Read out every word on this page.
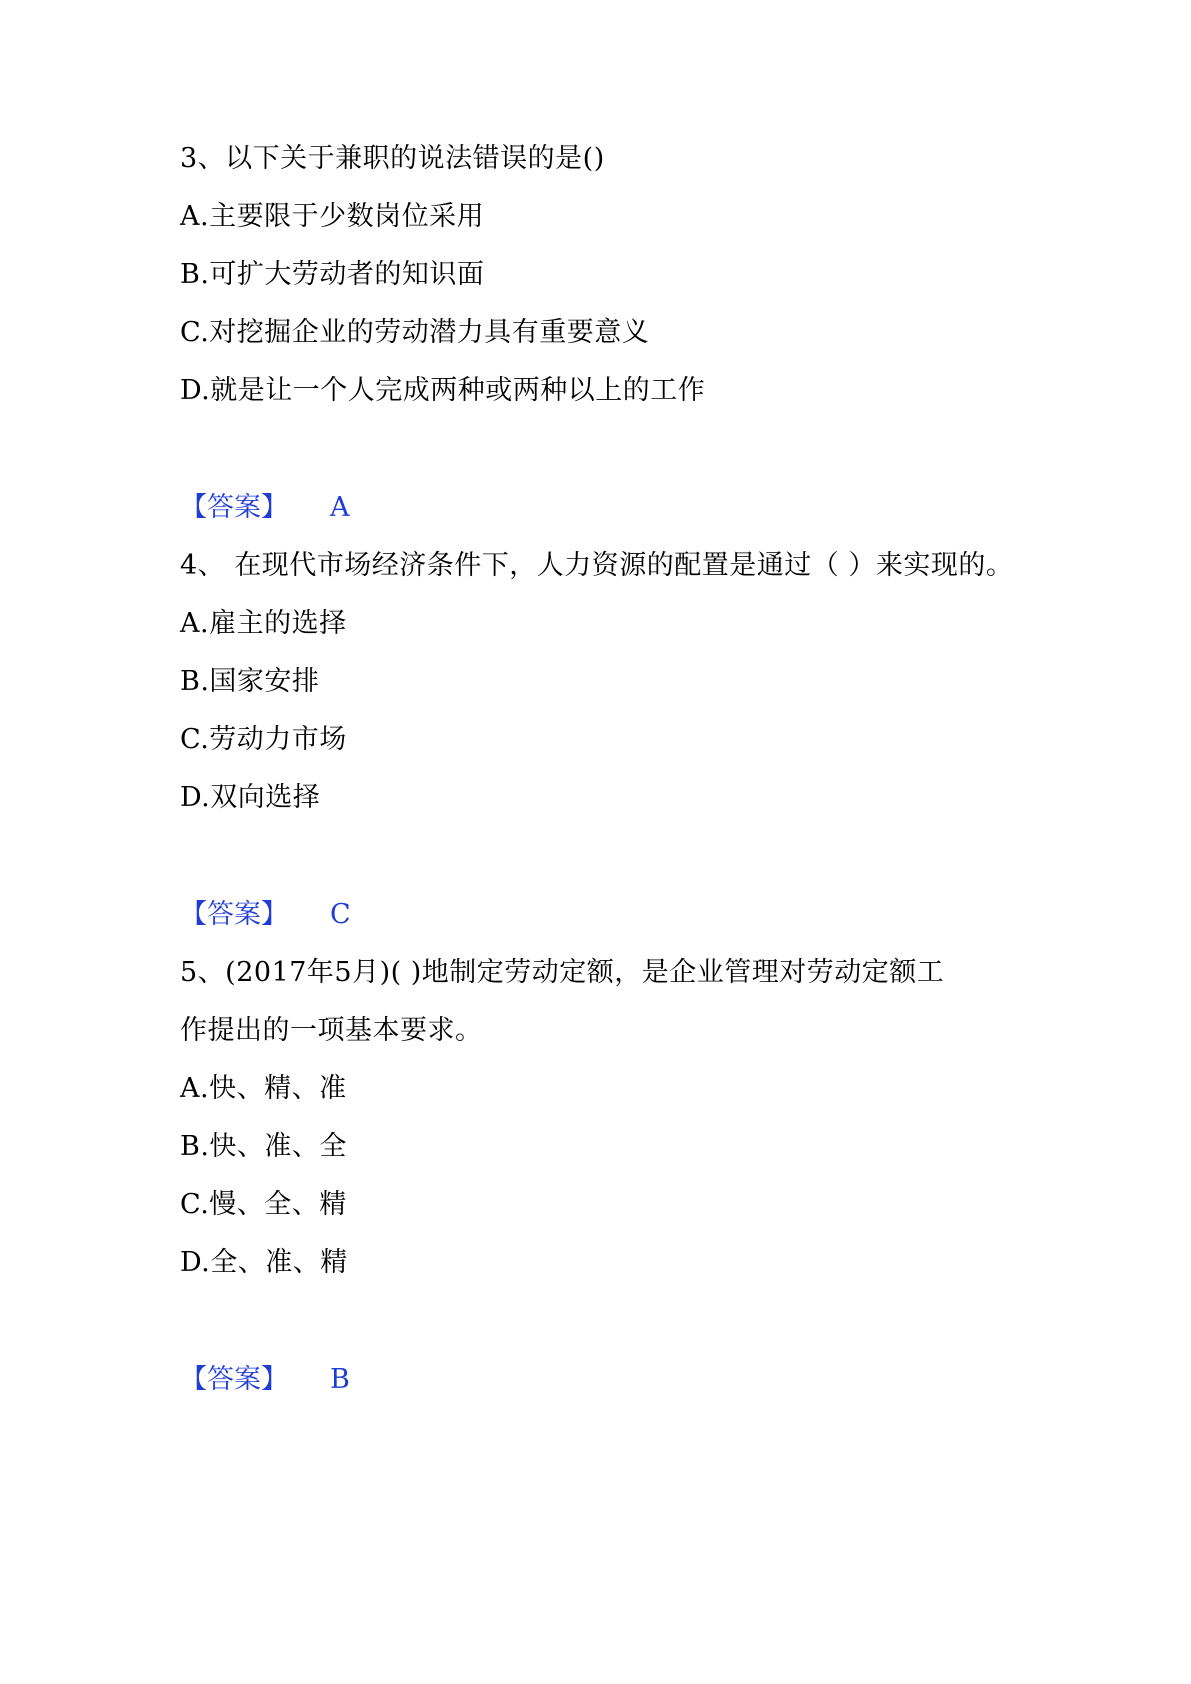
3、以下关于兼职的说法错误的是()
A.主要限于少数岗位采用
B.可扩大劳动者的知识面
C.对挖掘企业的劳动潜力具有重要意义
D.就是让一个人完成两种或两种以上的工作
【答案】 A
4、 在现代市场经济条件下，人力资源的配置是通过（ ）来实现的。
A.雇主的选择
B.国家安排
C.劳动力市场
D.双向选择
【答案】 C
5、(2017年5月)( )地制定劳动定额，是企业管理对劳动定额工
作提出的一项基本要求。
A.快、精、准
B.快、准、全
C.慢、全、精
D.全、准、精
【答案】 B
